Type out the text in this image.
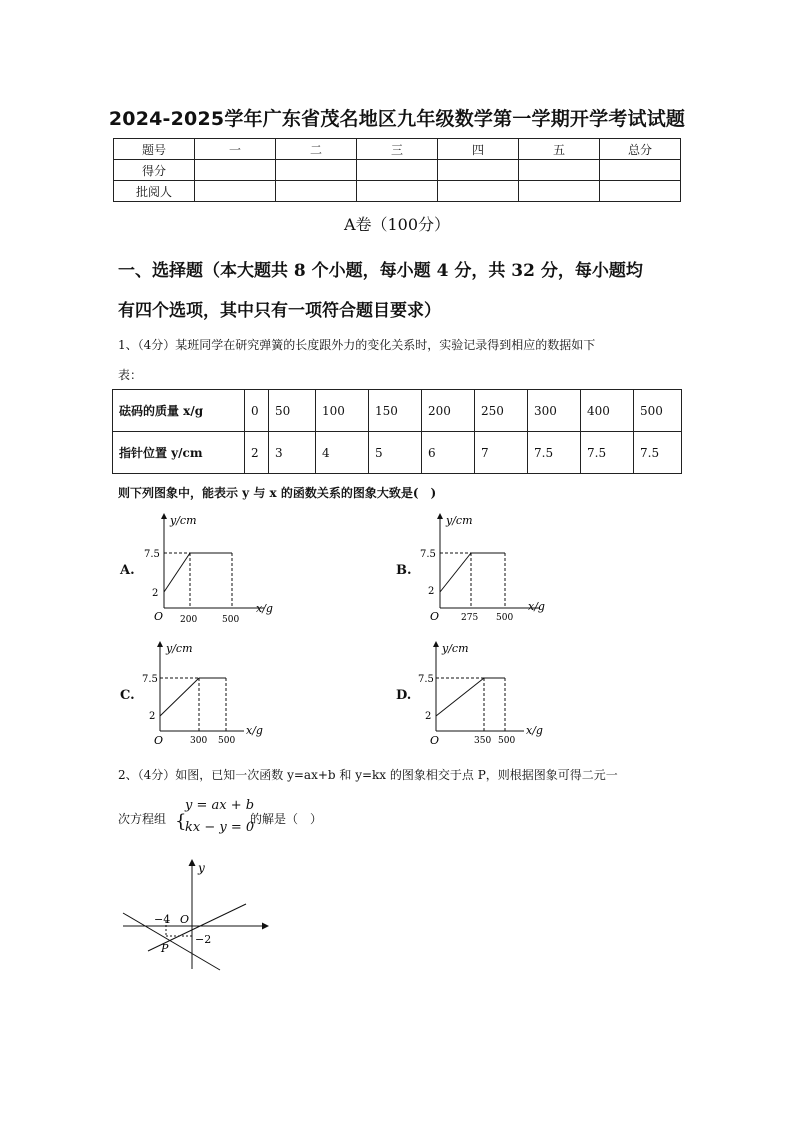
2024-2025学年广东省茂名地区九年级数学第一学期开学考试试题
题号	一	二	三	四	五	总分
得分						
批阅人						
A卷（100分）
一、选择题（本大题共 8 个小题，每小题 4 分，共 32 分，每小题均
有四个选项，其中只有一项符合题目要求）
1、（4分）某班同学在研究弹簧的长度跟外力的变化关系时，实验记录得到相应的数据如下
表：
砝码的质量 x/g	0	50	100	150	200	250	300	400	500
指针位置 y/cm	2	3	4	5	6	7	7.5	7.5	7.5
则下列图象中，能表示 y 与 x 的函数关系的图象大致是(　)
A.
y/cm
x/g
7.5
2
O 200	500
B.
y/cm
x/g
7.5
2
O 275 500
C.
y/cm
x/g
7.5
2
O	300 500
D.
y/cm
x/g
7.5
2
O	350 500
2、（4分）如图，已知一次函数 y=ax+b 和 y=kx 的图象相交于点 P，则根据图象可得二元一
次方程组 {
y = ax + b
kx − y = 0
的解是（　）
y
O
−4
−2
P
